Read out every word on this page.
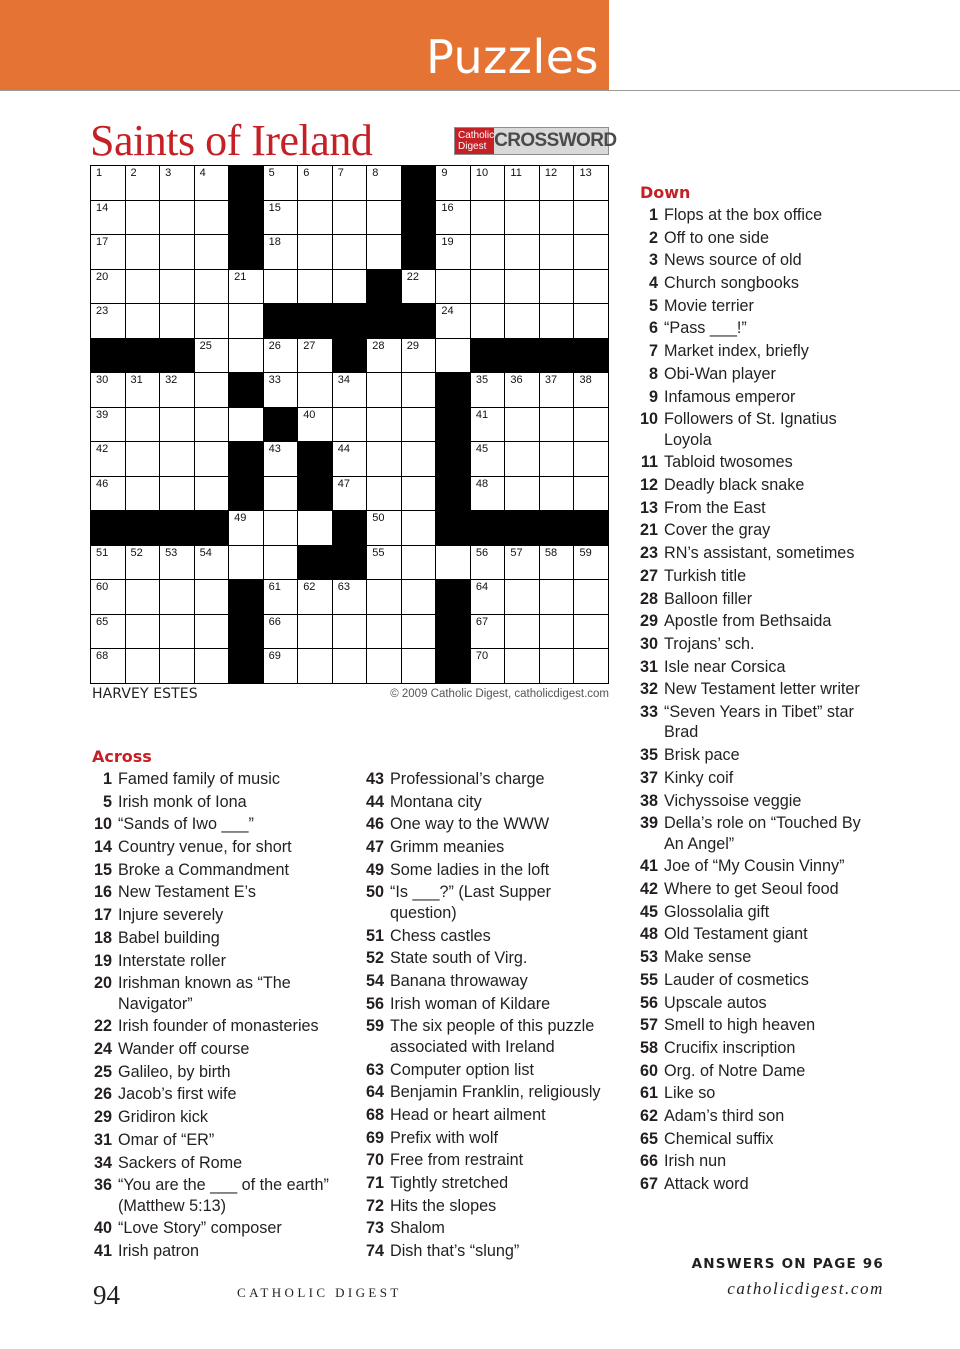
Puzzles
Saints of Ireland	Catholic Digest CROSSWORD
1	2	3	4	5	6	7	8	9	10 11 12 13
14	15	16
17	18	19
20	21	22
23	24
25	26 27	28 29
30 31 32	33	34	35 36 37 38
39	40	41
42	43	44	45
46	47	48
49	50
51 52 53 54	55	56 57 58 59
60	61 62 63	64
65	66	67
68	69	70
HARVEY ESTES	© 2009 Catholic Digest, catholicdigest.com
Across
1 Famed family of music
5 Irish monk of Iona
10 “Sands of Iwo ___”
14 Country venue, for short
15 Broke a Commandment
16 New Testament E’s
17 Injure severely
18 Babel building
19 Interstate roller
20 Irishman known as “The Navigator”
22 Irish founder of monasteries
24 Wander off course
25 Galileo, by birth
26 Jacob’s first wife
29 Gridiron kick
31 Omar of “ER”
34 Sackers of Rome
36 “You are the ___ of the earth” (Matthew 5:13)
40 “Love Story” composer
41 Irish patron
43 Professional’s charge
44 Montana city
46 One way to the WWW
47 Grimm meanies
49 Some ladies in the loft
50 “Is ___?” (Last Supper question)
51 Chess castles
52 State south of Virg.
54 Banana throwaway
56 Irish woman of Kildare
59 The six people of this puzzle associated with Ireland
63 Computer option list
64 Benjamin Franklin, religiously
68 Head or heart ailment
69 Prefix with wolf
70 Free from restraint
71 Tightly stretched
72 Hits the slopes
73 Shalom
74 Dish that’s “slung”
Down
1 Flops at the box office
2 Off to one side
3 News source of old
4 Church songbooks
5 Movie terrier
6 “Pass ___!”
7 Market index, briefly
8 Obi-Wan player
9 Infamous emperor
10 Followers of St. Ignatius Loyola
11 Tabloid twosomes
12 Deadly black snake
13 From the East
21 Cover the gray
23 RN’s assistant, sometimes
27 Turkish title
28 Balloon filler
29 Apostle from Bethsaida
30 Trojans’ sch.
31 Isle near Corsica
32 New Testament letter writer
33 “Seven Years in Tibet” star Brad
35 Brisk pace
37 Kinky coif
38 Vichyssoise veggie
39 Della’s role on “Touched By An Angel”
41 Joe of “My Cousin Vinny”
42 Where to get Seoul food
45 Glossolalia gift
48 Old Testament giant
53 Make sense
55 Lauder of cosmetics
56 Upscale autos
57 Smell to high heaven
58 Crucifix inscription
60 Org. of Notre Dame
61 Like so
62 Adam’s third son
65 Chemical suffix
66 Irish nun
67 Attack word
ANSWERS ON PAGE 96
94	CATHOLIC DIGEST	catholicdigest.com
